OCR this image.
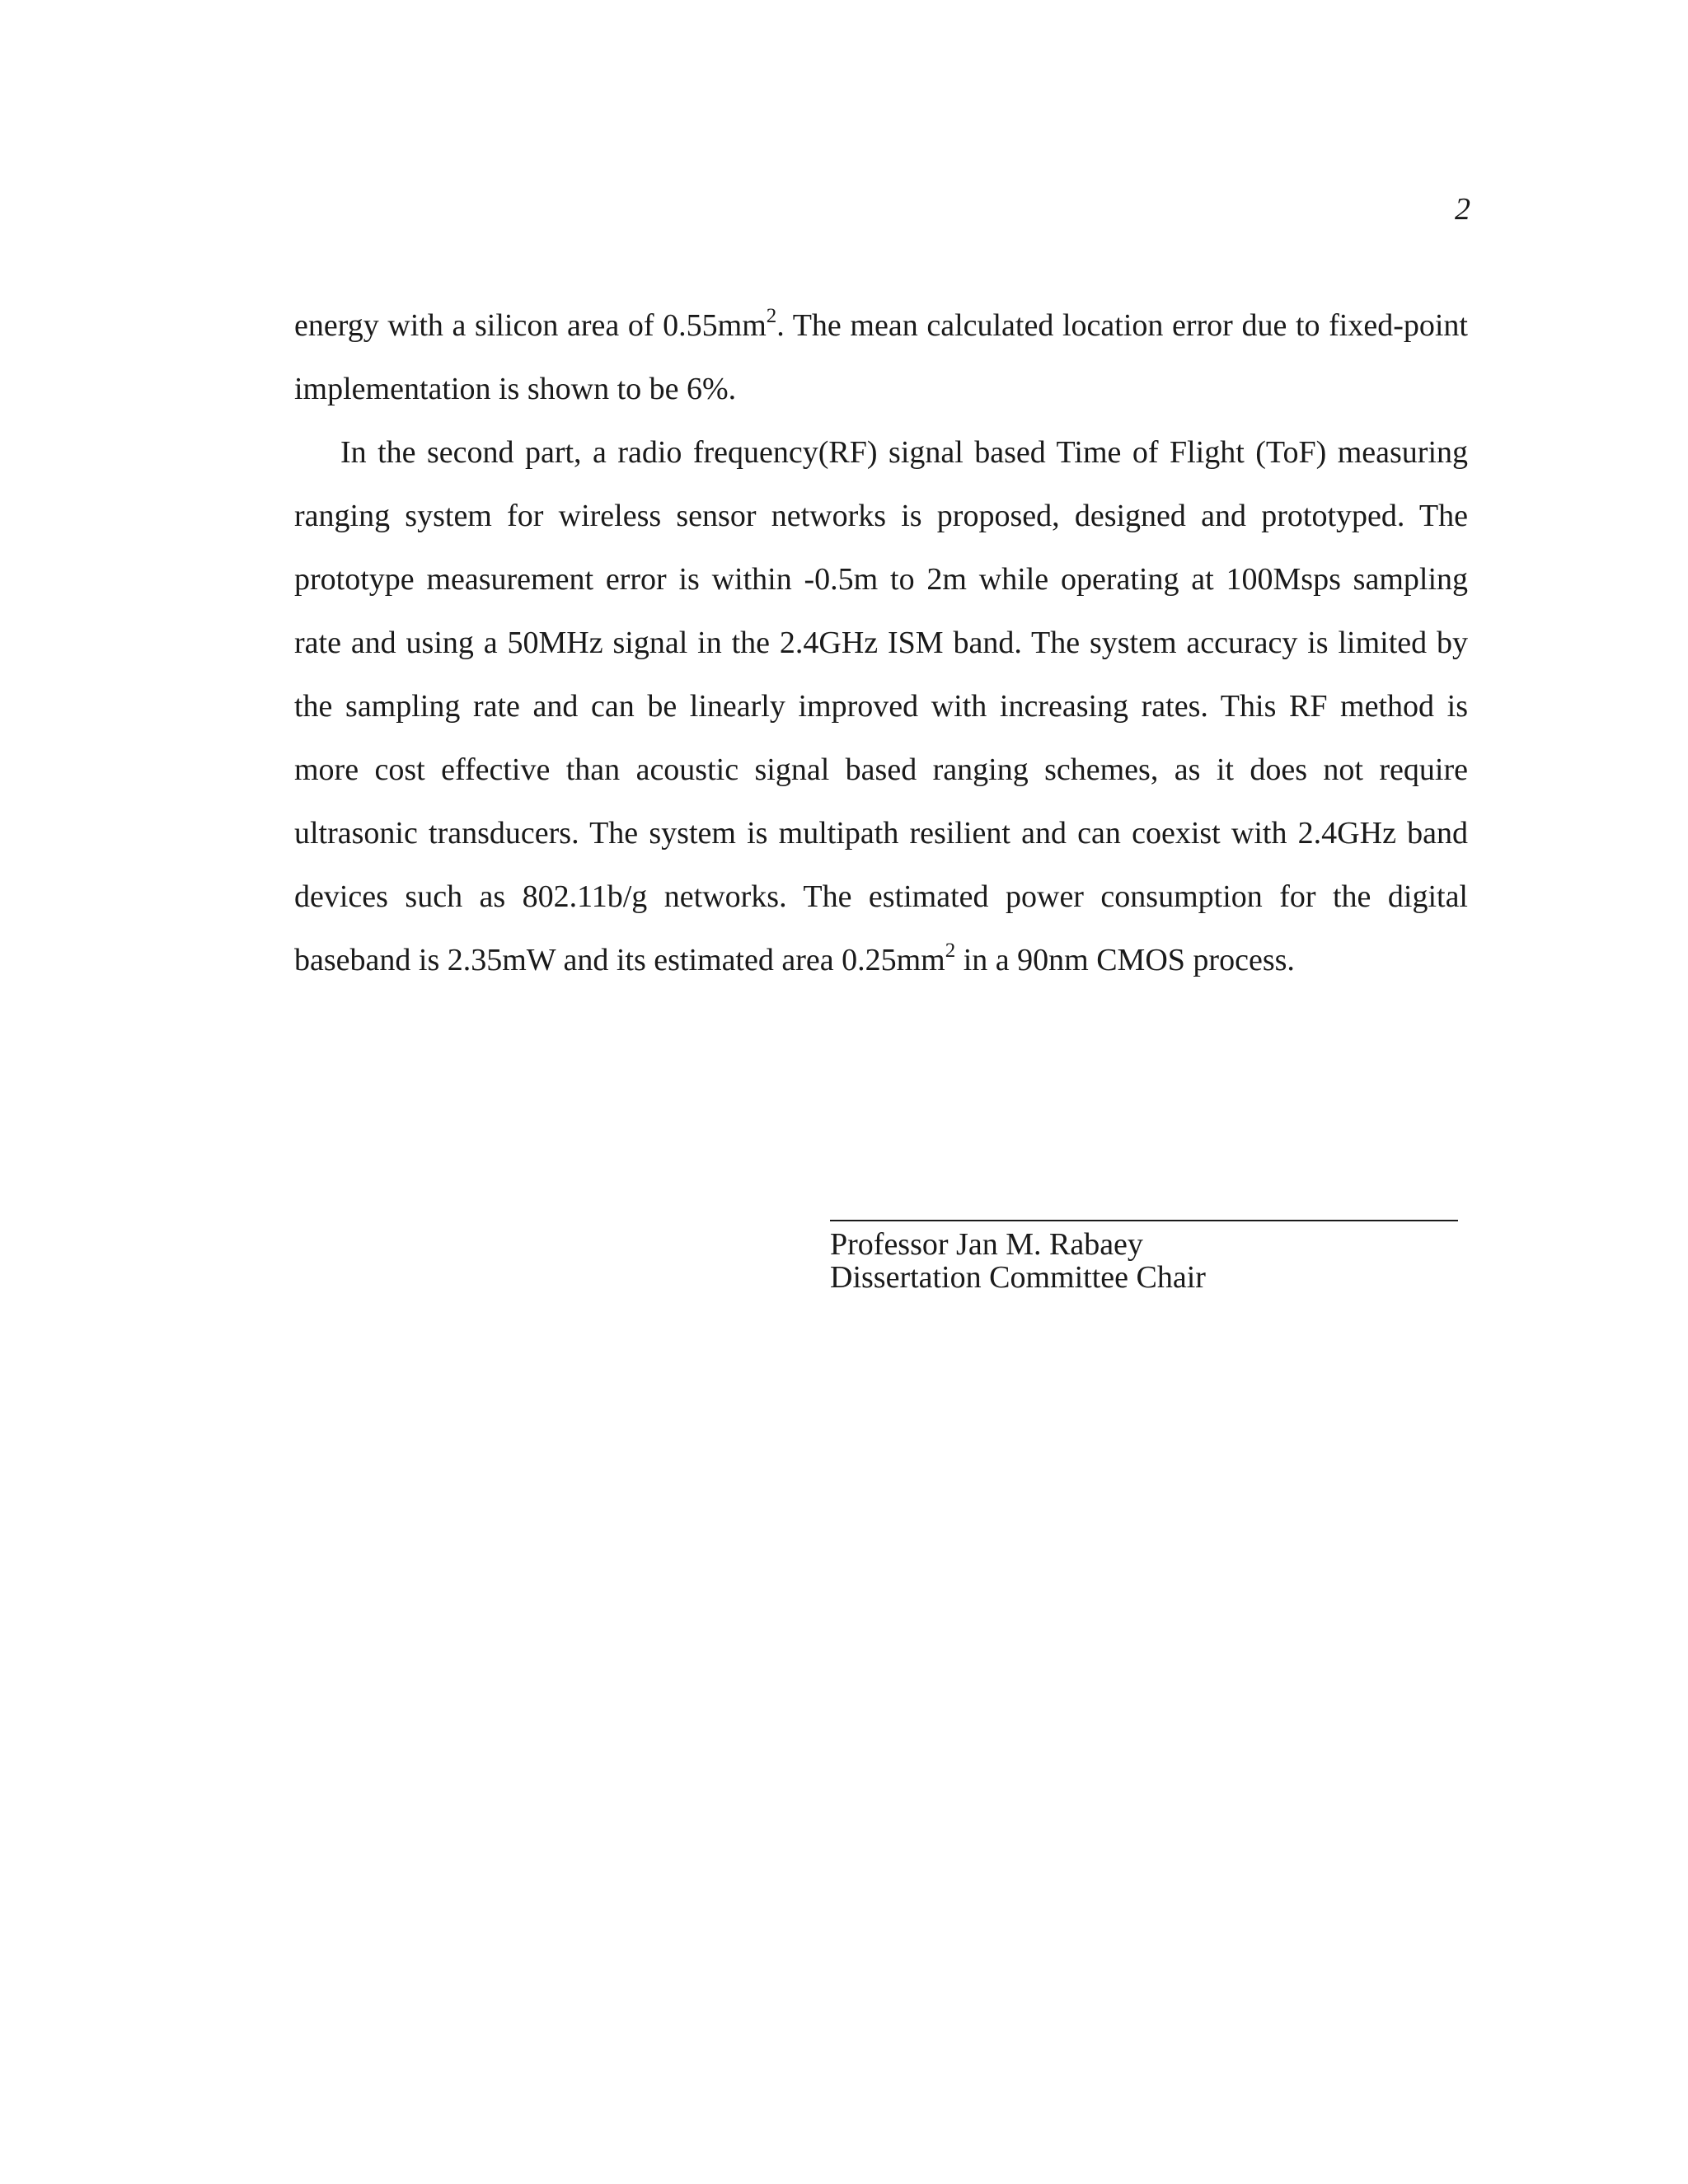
2

energy with a silicon area of $0.55mm^2$. The mean calculated location error due to fixed-point implementation is shown to be 6%.

In the second part, a radio frequency(RF) signal based Time of Flight (ToF) measuring ranging system for wireless sensor networks is proposed, designed and prototyped. The prototype measurement error is within -0.5m to 2m while operating at 100Msps sampling rate and using a 50MHz signal in the 2.4GHz ISM band. The system accuracy is limited by the sampling rate and can be linearly improved with increasing rates. This RF method is more cost effective than acoustic signal based ranging schemes, as it does not require ultrasonic transducers. The system is multipath resilient and can coexist with 2.4GHz band devices such as 802.11b/g networks. The estimated power consumption for the digital baseband is 2.35mW and its estimated area $0.25mm^2$ in a 90nm CMOS process.

Professor Jan M. Rabaey
Dissertation Committee Chair
